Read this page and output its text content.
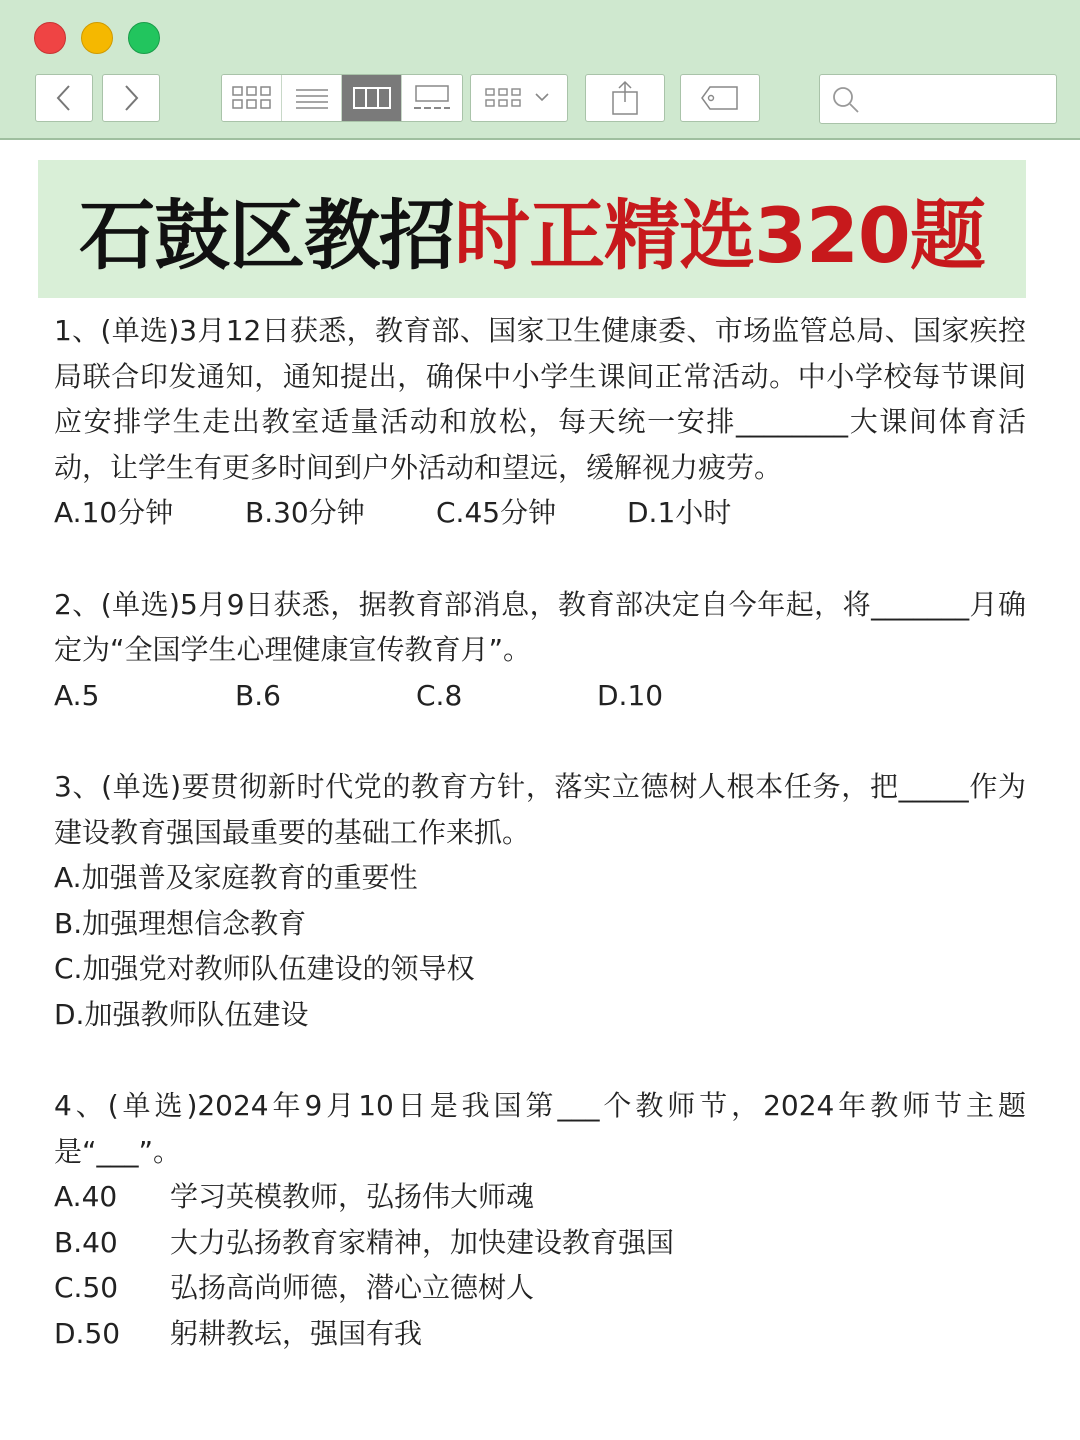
石鼓区教招时正精选320题
1、(单选)3月12日获悉，教育部、国家卫生健康委、市场监管总局、国家疾控局联合印发通知，通知提出，确保中小学生课间正常活动。中小学校每节课间应安排学生走出教室适量活动和放松，每天统一安排________大课间体育活动，让学生有更多时间到户外活动和望远，缓解视力疲劳。
A.10分钟	B.30分钟	C.45分钟	D.1小时
2、(单选)5月9日获悉，据教育部消息，教育部决定自今年起，将_______月确定为“全国学生心理健康宣传教育月”。
A.5	B.6	C.8	D.10
3、(单选)要贯彻新时代党的教育方针，落实立德树人根本任务，把_____作为建设教育强国最重要的基础工作来抓。
A.加强普及家庭教育的重要性
B.加强理想信念教育
C.加强党对教师队伍建设的领导权
D.加强教师队伍建设
4、(单选)2024年9月10日是我国第___个教师节，2024年教师节主题是“___”。
A.40	学习英模教师，弘扬伟大师魂
B.40	大力弘扬教育家精神，加快建设教育强国
C.50	弘扬高尚师德，潜心立德树人
D.50	躬耕教坛，强国有我
